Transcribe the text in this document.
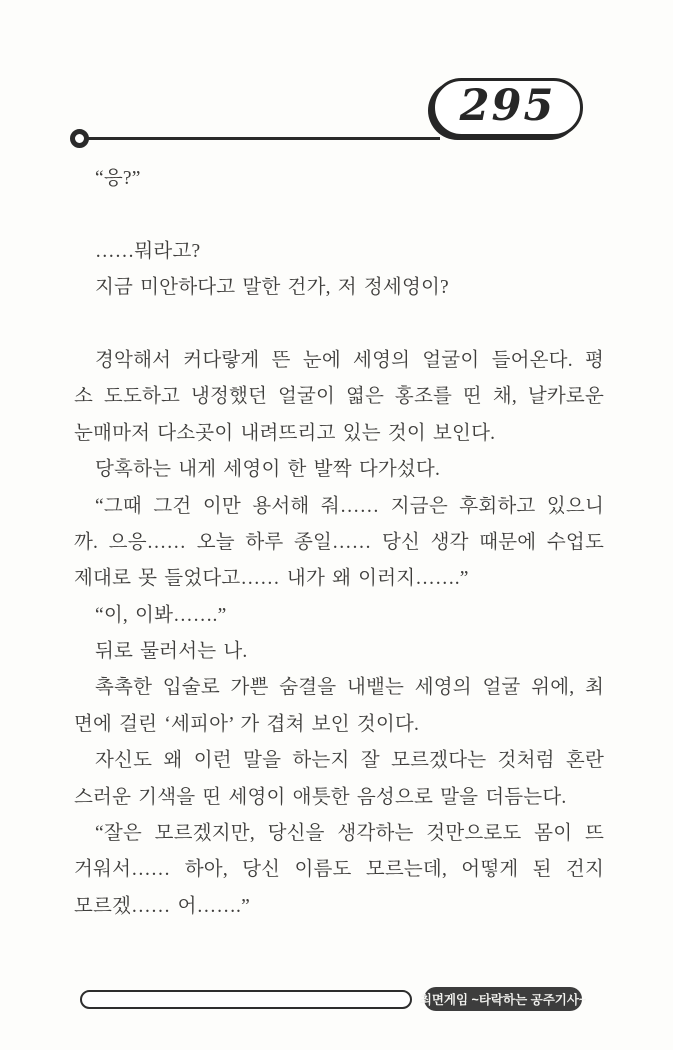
295
“응?”

……뭐라고?
지금 미안하다고 말한 건가, 저 정세영이?

경악해서 커다랗게 뜬 눈에 세영의 얼굴이 들어온다. 평
소 도도하고 냉정했던 얼굴이 엷은 홍조를 띤 채, 날카로운
눈매마저 다소곳이 내려뜨리고 있는 것이 보인다.
당혹하는 내게 세영이 한 발짝 다가섰다.
“그때 그건 이만 용서해 줘…… 지금은 후회하고 있으니
까. 으응…… 오늘 하루 종일…… 당신 생각 때문에 수업도
제대로 못 들었다고…… 내가 왜 이러지…….”
“이, 이봐…….”
뒤로 물러서는 나.
촉촉한 입술로 가쁜 숨결을 내뱉는 세영의 얼굴 위에, 최
면에 걸린 ‘세피아’ 가 겹쳐 보인 것이다.
자신도 왜 이런 말을 하는지 잘 모르겠다는 것처럼 혼란
스러운 기색을 띤 세영이 애틋한 음성으로 말을 더듬는다.
“잘은 모르겠지만, 당신을 생각하는 것만으로도 몸이 뜨
거워서…… 하아, 당신 이름도 모르는데, 어떻게 된 건지
모르겠…… 어…….”
최면게임 ~타락하는 공주기사~
